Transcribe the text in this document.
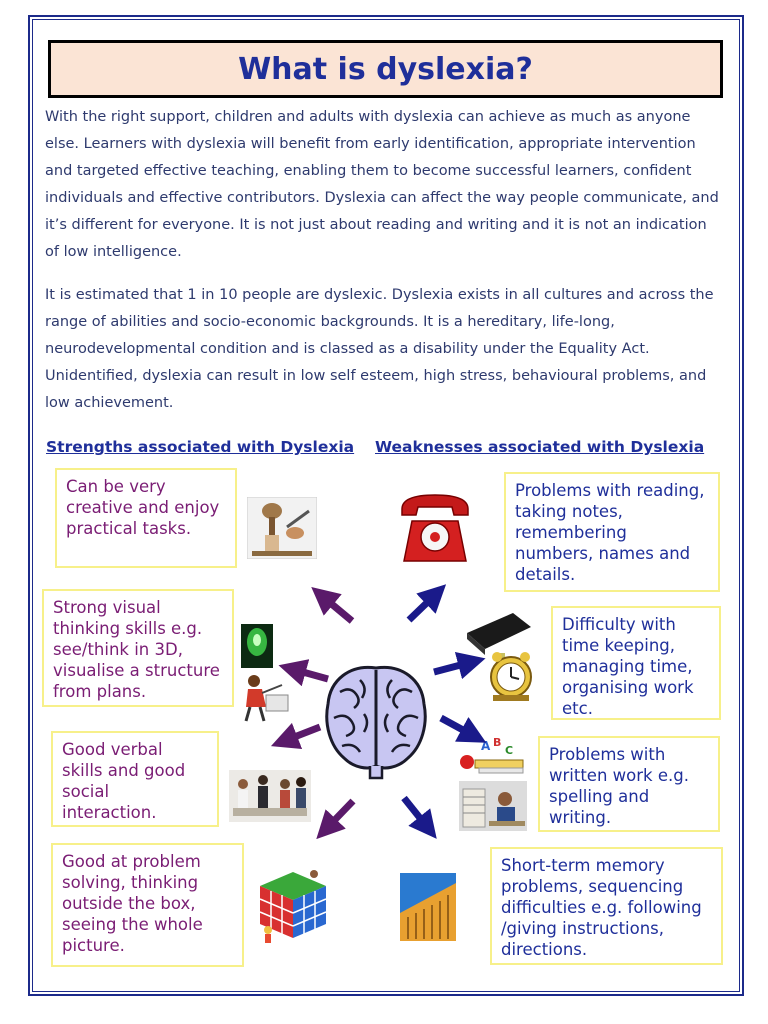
What is dyslexia?

With the right support, children and adults with dyslexia can achieve as much as anyone else. Learners with dyslexia will benefit from early identification, appropriate intervention and targeted effective teaching, enabling them to become successful learners, confident individuals and effective contributors. Dyslexia can affect the way people communicate, and it’s different for everyone. It is not just about reading and writing and it is not an indication of low intelligence.

It is estimated that 1 in 10 people are dyslexic. Dyslexia exists in all cultures and across the range of abilities and socio-economic backgrounds. It is a hereditary, life-long, neurodevelopmental condition and is classed as a disability under the Equality Act. Unidentified, dyslexia can result in low self esteem, high stress, behavioural problems, and low achievement.

Strengths associated with Dyslexia Weaknesses associated with Dyslexia
Can be very creative and enjoy practical tasks.
Strong visual thinking skills e.g. see/think in 3D, visualise a structure from plans.
Good verbal skills and good social interaction.
Good at problem solving, thinking outside the box, seeing the whole picture.
Problems with reading, taking notes, remembering numbers, names and details.
Difficulty with time keeping, managing time, organising work etc.
Problems with written work e.g. spelling and writing.
Short-term memory problems, sequencing difficulties e.g. following /giving instructions, directions.
A B
C
